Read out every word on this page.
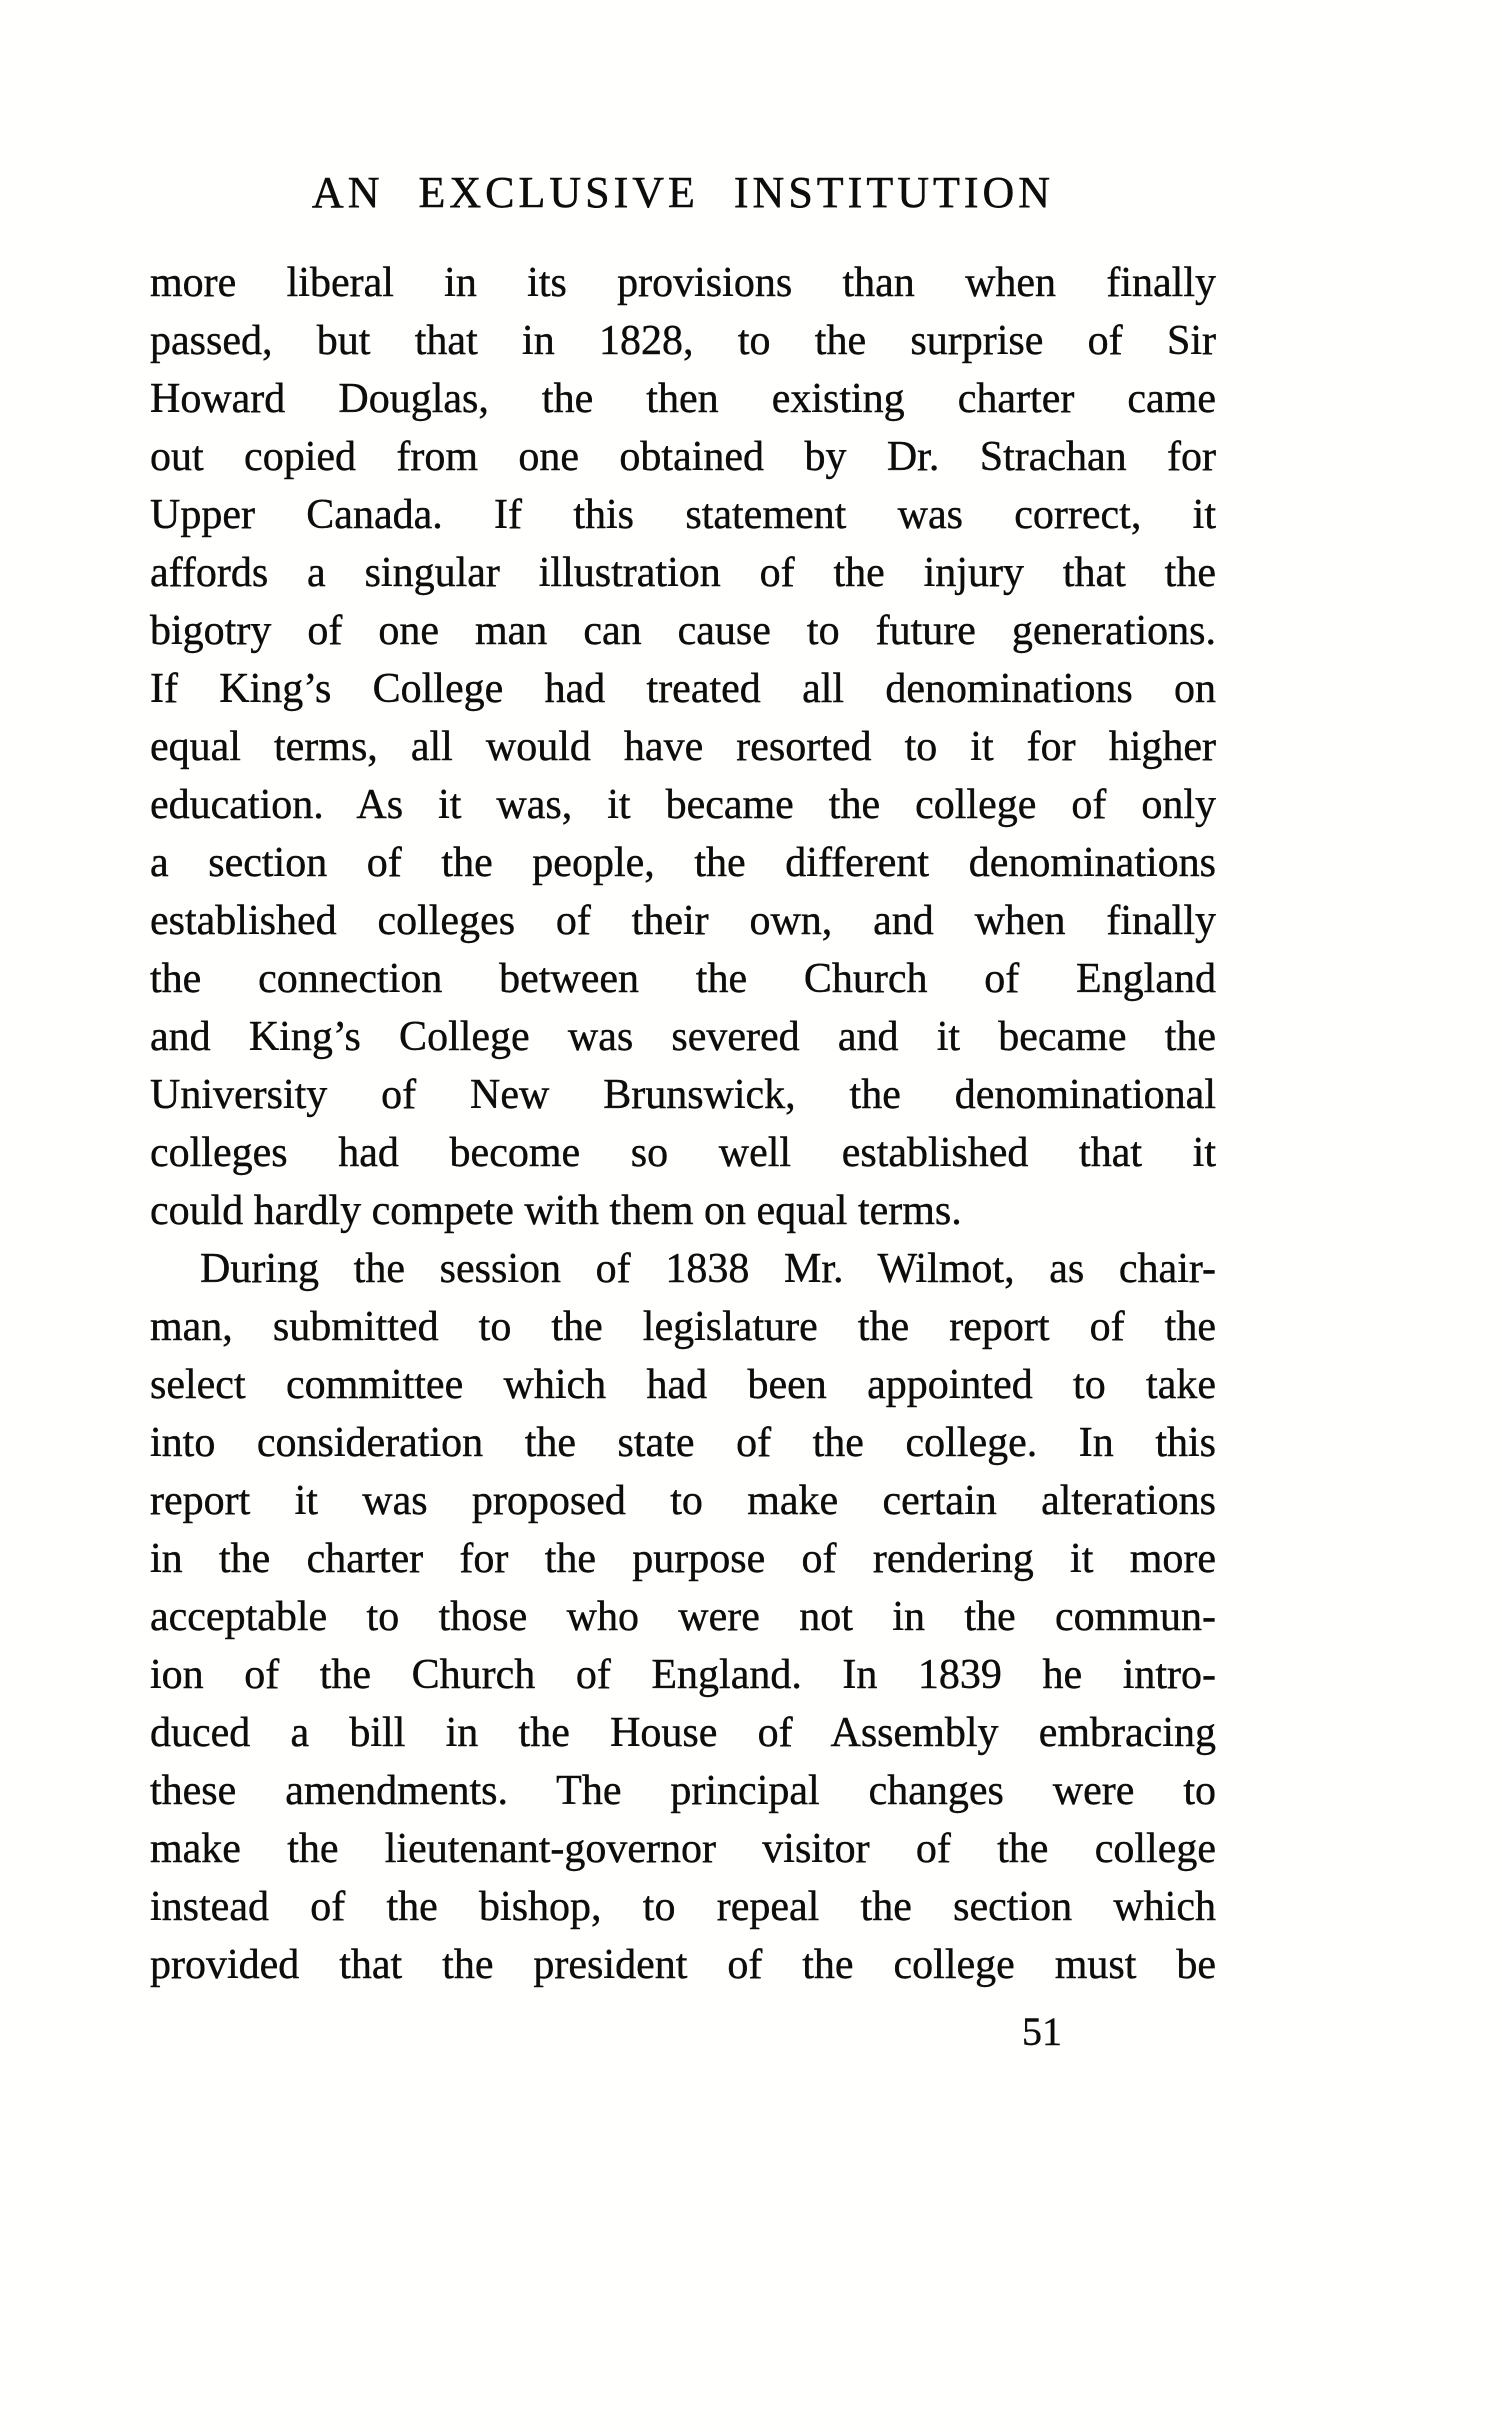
AN EXCLUSIVE INSTITUTION
more liberal in its provisions than when finally
passed, but that in 1828, to the surprise of Sir
Howard Douglas, the then existing charter came
out copied from one obtained by Dr. Strachan for
Upper Canada. If this statement was correct, it
affords a singular illustration of the injury that the
bigotry of one man can cause to future generations.
If King’s College had treated all denominations on
equal terms, all would have resorted to it for higher
education. As it was, it became the college of only
a section of the people, the different denominations
established colleges of their own, and when finally
the connection between the Church of England
and King’s College was severed and it became the
University of New Brunswick, the denominational
colleges had become so well established that it
could hardly compete with them on equal terms.
During the session of 1838 Mr. Wilmot, as chair-
man, submitted to the legislature the report of the
select committee which had been appointed to take
into consideration the state of the college. In this
report it was proposed to make certain alterations
in the charter for the purpose of rendering it more
acceptable to those who were not in the commun-
ion of the Church of England. In 1839 he intro-
duced a bill in the House of Assembly embracing
these amendments. The principal changes were to
make the lieutenant-governor visitor of the college
instead of the bishop, to repeal the section which
provided that the president of the college must be
51
